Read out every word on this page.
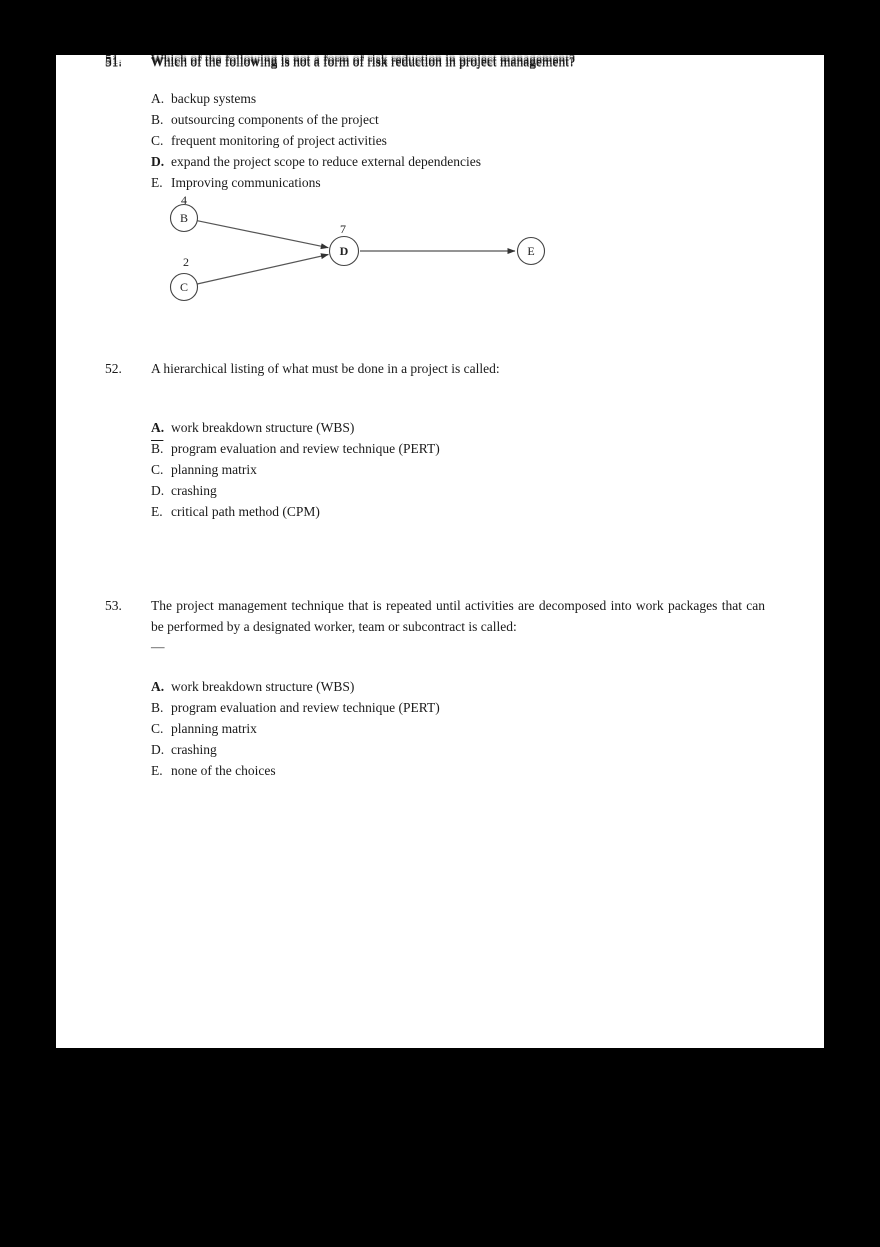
51.	Which of the following is not a form of risk reduction in project management?
A. backup systems
B. outsourcing components of the project
C. frequent monitoring of project activities
D. expand the project scope to reduce external dependencies
E. Improving communications
4
2
7
B
C
D	E
52.	A hierarchical listing of what must be done in a project is called:
A. work breakdown structure (WBS)
B. program evaluation and review technique (PERT)
C. planning matrix
D. crashing
E. critical path method (CPM)
53.	The project management technique that is repeated until activities are decomposed into work packages that can be performed by a designated worker, team or subcontract is called:
—
A. work breakdown structure (WBS)
B. program evaluation and review technique (PERT)
C. planning matrix
D. crashing
E. none of the choices
